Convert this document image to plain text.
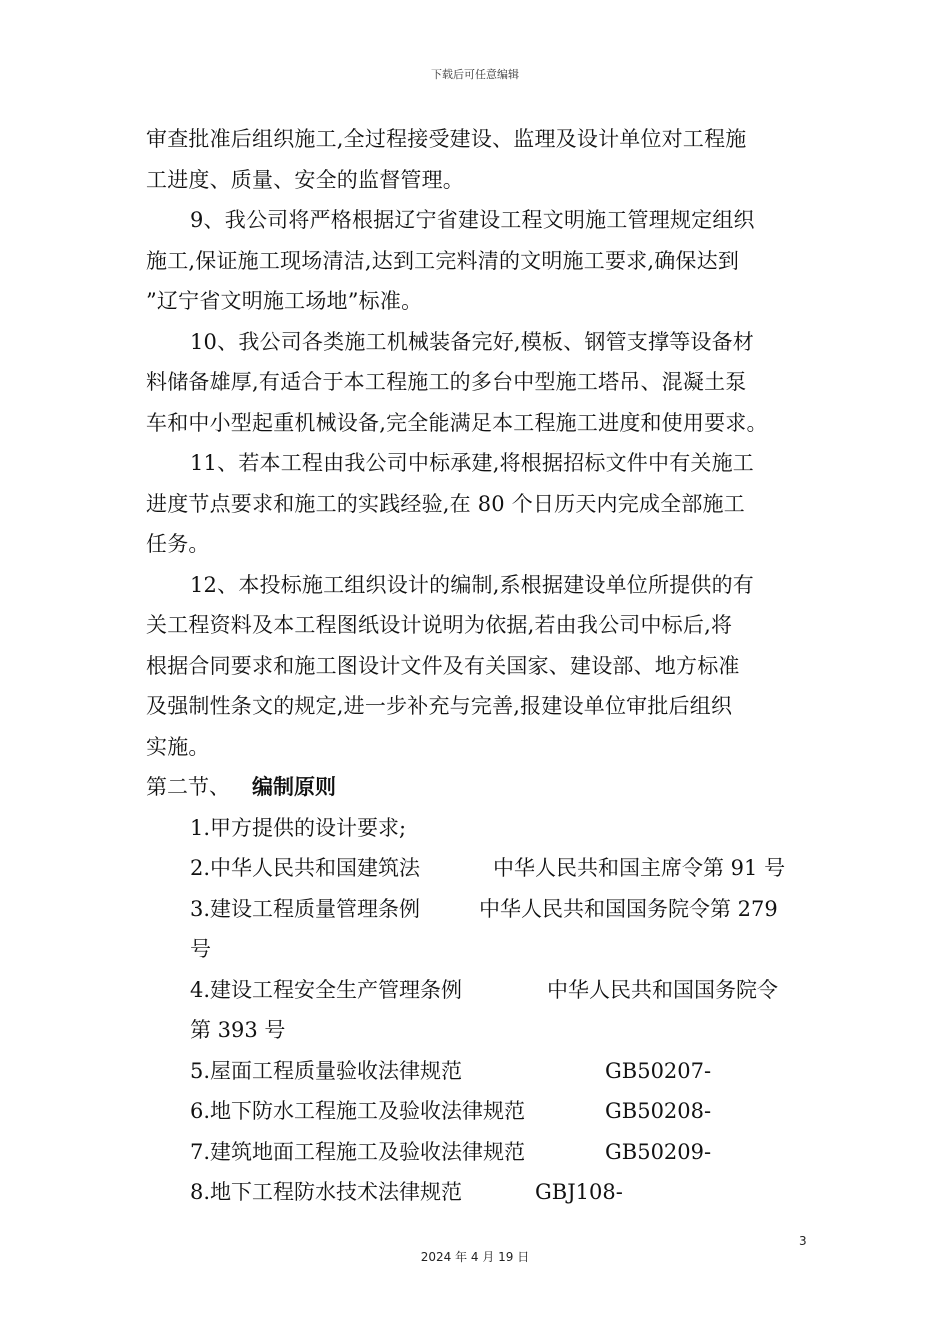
下载后可任意编辑
审查批准后组织施工,全过程接受建设、监理及设计单位对工程施
工进度、质量、安全的监督管理。
9、我公司将严格根据辽宁省建设工程文明施工管理规定组织
施工,保证施工现场清洁,达到工完料清的文明施工要求,确保达到
”辽宁省文明施工场地”标准。
10、我公司各类施工机械装备完好,模板、钢管支撑等设备材
料储备雄厚,有适合于本工程施工的多台中型施工塔吊、混凝土泵
车和中小型起重机械设备,完全能满足本工程施工进度和使用要求。
11、若本工程由我公司中标承建,将根据招标文件中有关施工
进度节点要求和施工的实践经验,在 80 个日历天内完成全部施工
任务。
12、本投标施工组织设计的编制,系根据建设单位所提供的有
关工程资料及本工程图纸设计说明为依据,若由我公司中标后,将
根据合同要求和施工图设计文件及有关国家、建设部、地方标准
及强制性条文的规定,进一步补充与完善,报建设单位审批后组织
实施。
第二节、 编制原则
1.甲方提供的设计要求;
2.中华人民共和国建筑法	中华人民共和国主席令第 91 号
3.建设工程质量管理条例	中华人民共和国国务院令第 279
号
4.建设工程安全生产管理条例	中华人民共和国国务院令
第 393 号
5.屋面工程质量验收法律规范	GB50207-
6.地下防水工程施工及验收法律规范	GB50208-
7.建筑地面工程施工及验收法律规范	GB50209-
8.地下工程防水技术法律规范	GBJ108-
3
2024 年 4 月 19 日
